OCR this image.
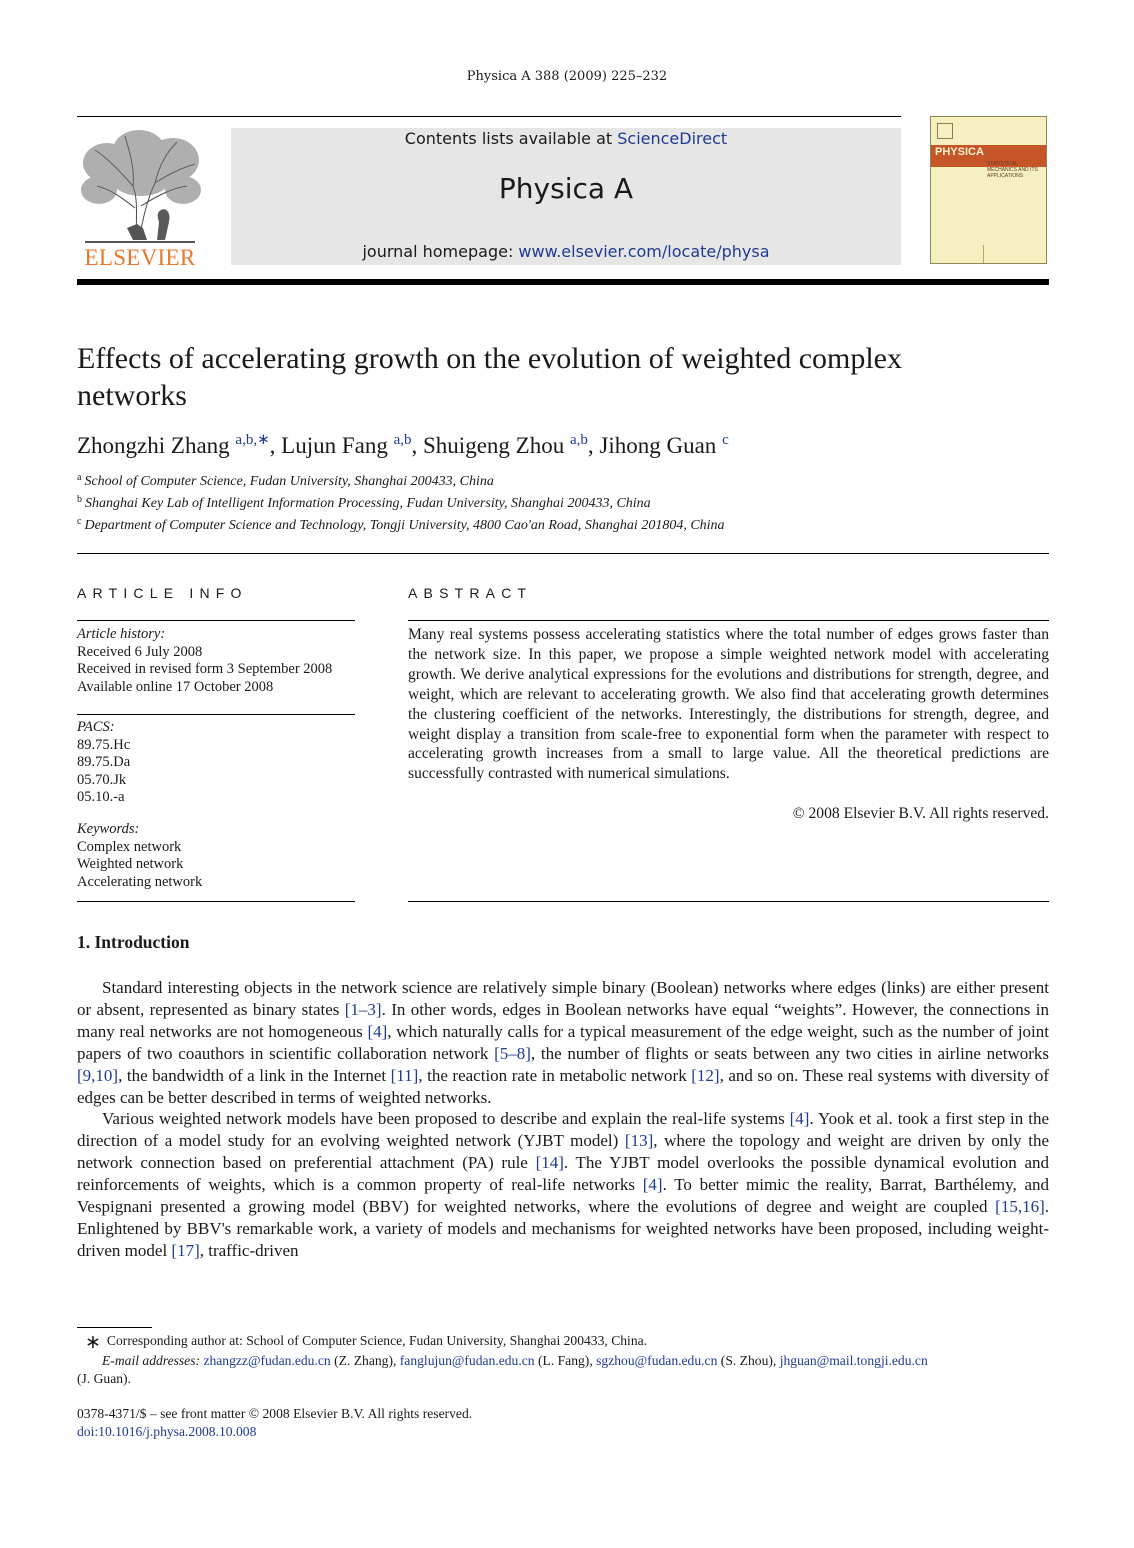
Physica A 388 (2009) 225–232
ELSEVIER
Contents lists available at ScienceDirect
Physica A
journal homepage: www.elsevier.com/locate/physa
PHYSICA
STATISTICAL MECHANICS AND ITS APPLICATIONS
Effects of accelerating growth on the evolution of weighted complex networks
Zhongzhi Zhang $^{a,b,∗}$, Lujun Fang $^{a,b}$, Shuigeng Zhou $^{a,b}$, Jihong Guan $^c$
$^a$ School of Computer Science, Fudan University, Shanghai 200433, China
$^b$ Shanghai Key Lab of Intelligent Information Processing, Fudan University, Shanghai 200433, China
$^c$ Department of Computer Science and Technology, Tongji University, 4800 Cao'an Road, Shanghai 201804, China
ARTICLE INFO
Article history:
Received 6 July 2008
Received in revised form 3 September 2008
Available online 17 October 2008
PACS:
89.75.Hc
89.75.Da
05.70.Jk
05.10.-a
Keywords:
Complex network
Weighted network
Accelerating network
ABSTRACT
Many real systems possess accelerating statistics where the total number of edges grows faster than the network size. In this paper, we propose a simple weighted network model with accelerating growth. We derive analytical expressions for the evolutions and distributions for strength, degree, and weight, which are relevant to accelerating growth. We also find that accelerating growth determines the clustering coefficient of the networks. Interestingly, the distributions for strength, degree, and weight display a transition from scale-free to exponential form when the parameter with respect to accelerating growth increases from a small to large value. All the theoretical predictions are successfully contrasted with numerical simulations.
© 2008 Elsevier B.V. All rights reserved.
1. Introduction

Standard interesting objects in the network science are relatively simple binary (Boolean) networks where edges (links) are either present or absent, represented as binary states [1–3]. In other words, edges in Boolean networks have equal “weights”. However, the connections in many real networks are not homogeneous [4], which naturally calls for a typical measurement of the edge weight, such as the number of joint papers of two coauthors in scientific collaboration network [5–8], the number of flights or seats between any two cities in airline networks [9,10], the bandwidth of a link in the Internet [11], the reaction rate in metabolic network [12], and so on. These real systems with diversity of edges can be better described in terms of weighted networks.

Various weighted network models have been proposed to describe and explain the real-life systems [4]. Yook et al. took a first step in the direction of a model study for an evolving weighted network (YJBT model) [13], where the topology and weight are driven by only the network connection based on preferential attachment (PA) rule [14]. The YJBT model overlooks the possible dynamical evolution and reinforcements of weights, which is a common property of real-life networks [4]. To better mimic the reality, Barrat, Barthélemy, and Vespignani presented a growing model (BBV) for weighted networks, where the evolutions of degree and weight are coupled [15,16]. Enlightened by BBV's remarkable work, a variety of models and mechanisms for weighted networks have been proposed, including weight-driven model [17], traffic-driven

∗ Corresponding author at: School of Computer Science, Fudan University, Shanghai 200433, China.
E-mail addresses: zhangzz@fudan.edu.cn (Z. Zhang), fanglujun@fudan.edu.cn (L. Fang), sgzhou@fudan.edu.cn (S. Zhou), jhguan@mail.tongji.edu.cn
(J. Guan).
0378-4371/$ – see front matter © 2008 Elsevier B.V. All rights reserved.
doi:10.1016/j.physa.2008.10.008
